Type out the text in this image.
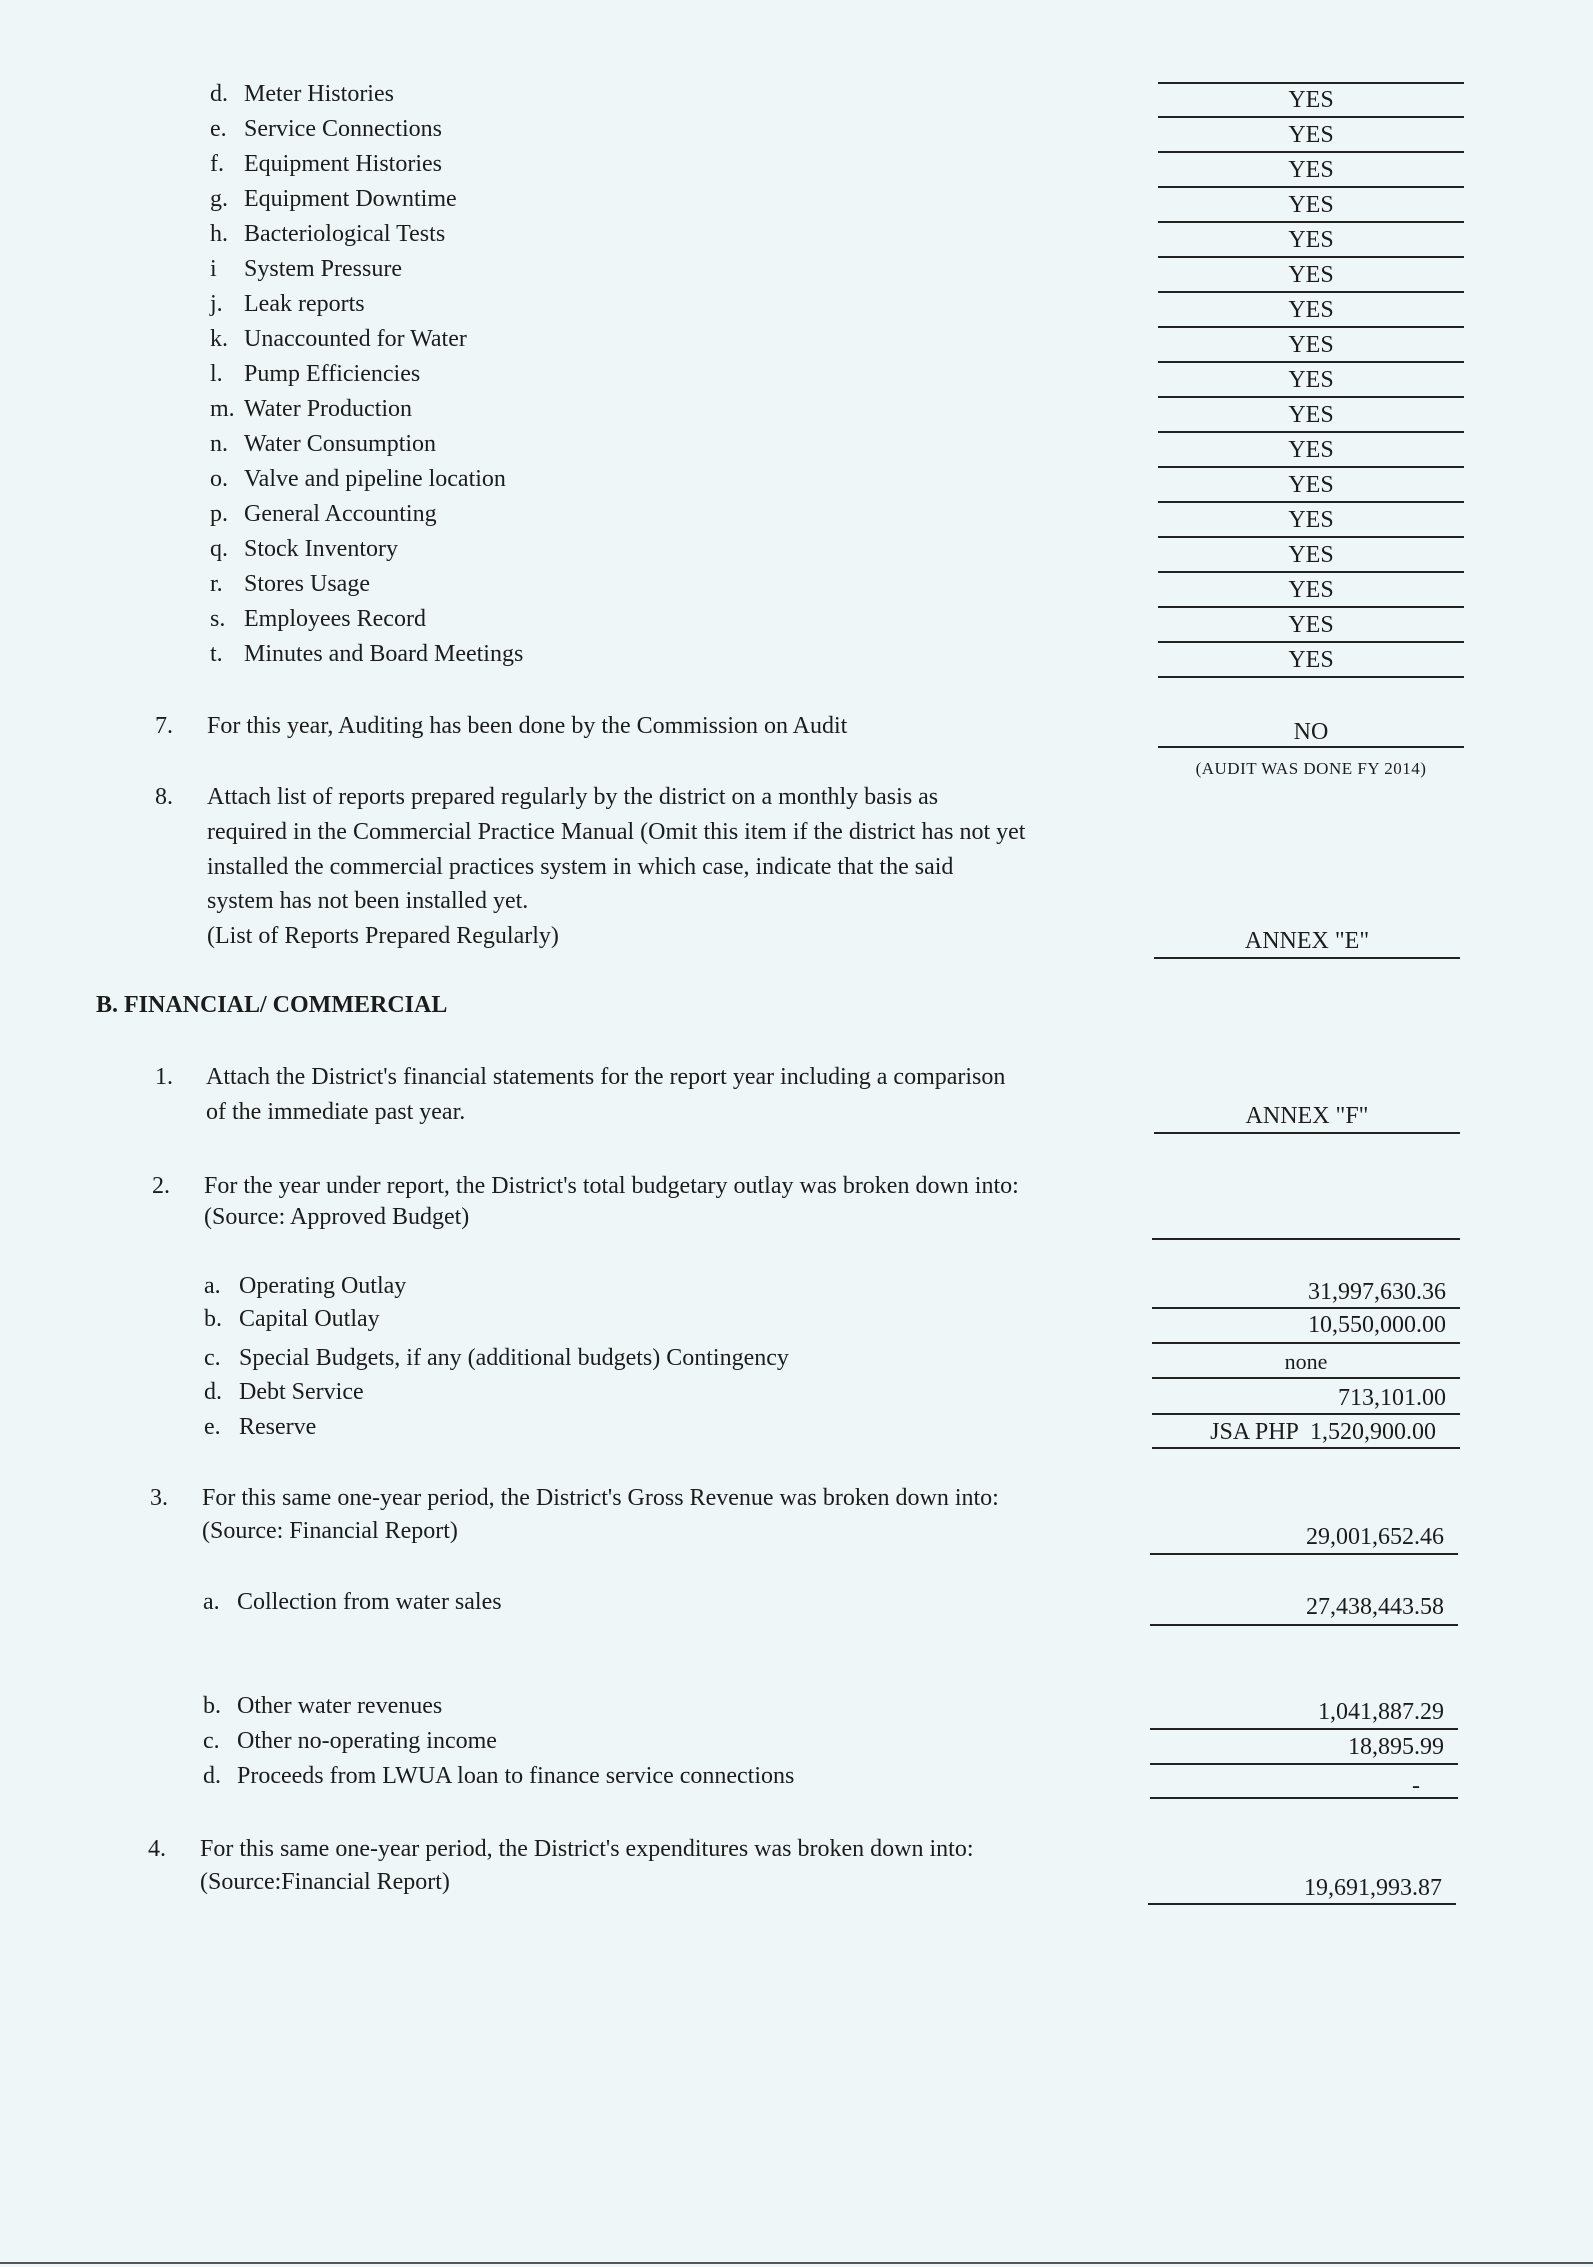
d. Meter Histories	YES
e. Service Connections	YES
f. Equipment Histories	YES
g. Equipment Downtime	YES
h. Bacteriological Tests	YES
i System Pressure	YES
j. Leak reports	YES
k. Unaccounted for Water	YES
l. Pump Efficiencies	YES
m. Water Production	YES
n. Water Consumption	YES
o. Valve and pipeline location	YES
p. General Accounting	YES
q. Stock Inventory	YES
r. Stores Usage	YES
s. Employees Record	YES
t. Minutes and Board Meetings	YES
7. For this year, Auditing has been done by the Commission on Audit	NO
(AUDIT WAS DONE FY 2014)
8. Attach list of reports prepared regularly by the district on a monthly basis as
required in the Commercial Practice Manual (Omit this item if the district has not yet
installed the commercial practices system in which case, indicate that the said
system has not been installed yet.
(List of Reports Prepared Regularly)	ANNEX "E"
B. FINANCIAL/ COMMERCIAL
1. Attach the District's financial statements for the report year including a comparison
of the immediate past year.	ANNEX "F"
2. For the year under report, the District's total budgetary outlay was broken down into:
(Source: Approved Budget)
a. Operating Outlay	31,997,630.36
b. Capital Outlay	10,550,000.00
c. Special Budgets, if any (additional budgets) Contingency	none
d. Debt Service	713,101.00
e. Reserve	JSA PHP  1,520,900.00
3. For this same one-year period, the District's Gross Revenue was broken down into:
(Source: Financial Report)	29,001,652.46
a. Collection from water sales	27,438,443.58
b. Other water revenues	1,041,887.29
c. Other no-operating income	18,895.99
d. Proceeds from LWUA loan to finance service connections	-
4. For this same one-year period, the District's expenditures was broken down into:
(Source:Financial Report)	19,691,993.87
